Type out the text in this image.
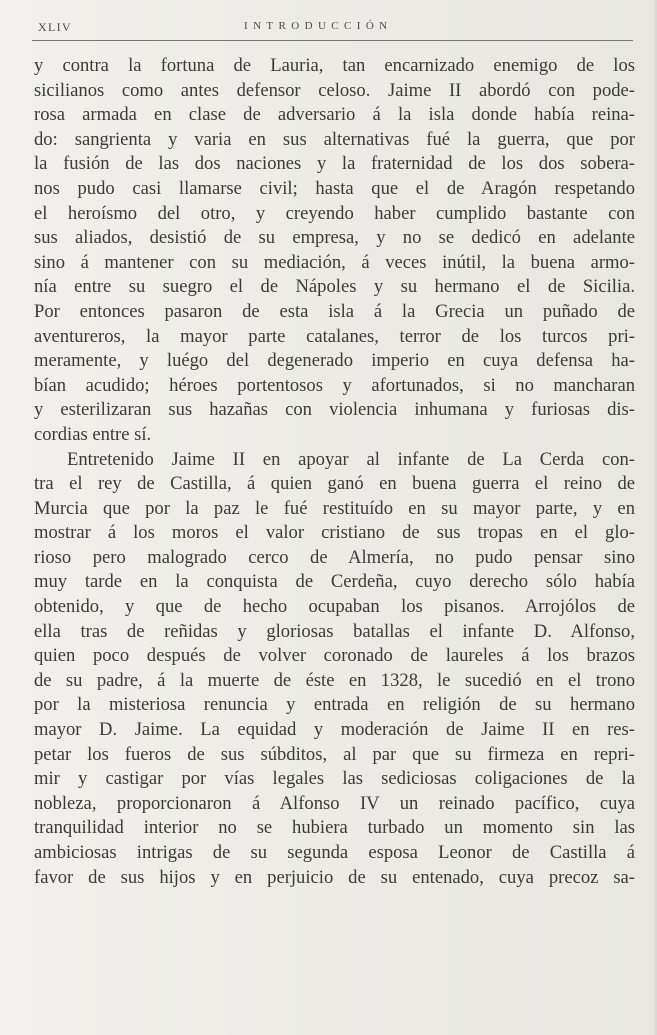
XLIV	INTRODUCCIÓN
y contra la fortuna de Lauria, tan encarnizado enemigo de los
sicilianos como antes defensor celoso. Jaime II abordó con pode-
rosa armada en clase de adversario á la isla donde había reina-
do: sangrienta y varia en sus alternativas fué la guerra, que por
la fusión de las dos naciones y la fraternidad de los dos sobera-
nos pudo casi llamarse civil; hasta que el de Aragón respetando
el heroísmo del otro, y creyendo haber cumplido bastante con
sus aliados, desistió de su empresa, y no se dedicó en adelante
sino á mantener con su mediación, á veces inútil, la buena armo-
nía entre su suegro el de Nápoles y su hermano el de Sicilia.
Por entonces pasaron de esta isla á la Grecia un puñado de
aventureros, la mayor parte catalanes, terror de los turcos pri-
meramente, y luégo del degenerado imperio en cuya defensa ha-
bían acudido; héroes portentosos y afortunados, si no mancharan
y esterilizaran sus hazañas con violencia inhumana y furiosas dis-
cordias entre sí.
Entretenido Jaime II en apoyar al infante de La Cerda con-
tra el rey de Castilla, á quien ganó en buena guerra el reino de
Murcia que por la paz le fué restituído en su mayor parte, y en
mostrar á los moros el valor cristiano de sus tropas en el glo-
rioso pero malogrado cerco de Almería, no pudo pensar sino
muy tarde en la conquista de Cerdeña, cuyo derecho sólo había
obtenido, y que de hecho ocupaban los pisanos. Arrojólos de
ella tras de reñidas y gloriosas batallas el infante D. Alfonso,
quien poco después de volver coronado de laureles á los brazos
de su padre, á la muerte de éste en 1328, le sucedió en el trono
por la misteriosa renuncia y entrada en religión de su hermano
mayor D. Jaime. La equidad y moderación de Jaime II en res-
petar los fueros de sus súbditos, al par que su firmeza en repri-
mir y castigar por vías legales las sediciosas coligaciones de la
nobleza, proporcionaron á Alfonso IV un reinado pacífico, cuya
tranquilidad interior no se hubiera turbado un momento sin las
ambiciosas intrigas de su segunda esposa Leonor de Castilla á
favor de sus hijos y en perjuicio de su entenado, cuya precoz sa-
